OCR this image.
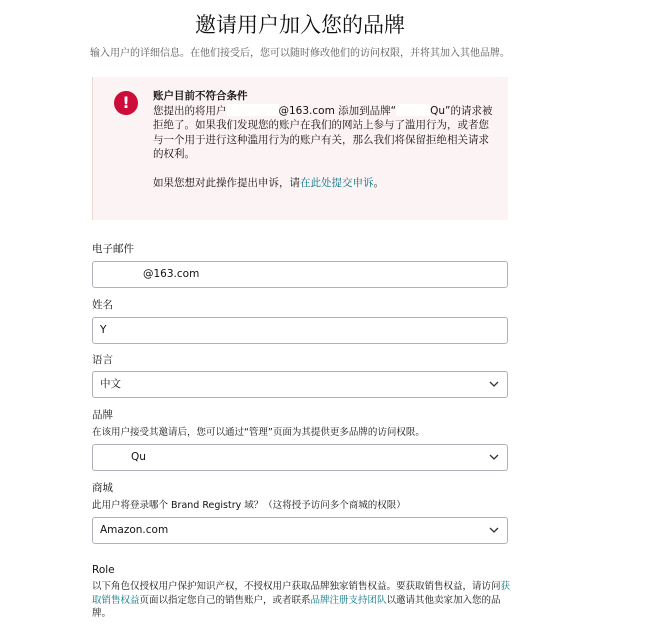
邀请用户加入您的品牌
输入用户的详细信息。在他们接受后，您可以随时修改他们的访问权限，并将其加入其他品牌。
!	账户目前不符合条件

您提出的将用户	@163.com 添加到品牌“	Qu”的请求被拒绝了。如果我们发现您的账户在我们的网站上参与了滥用行为，或者您与一个用于进行这种滥用行为的账户有关，那么我们将保留拒绝相关请求的权利。

如果您想对此操作提出申诉，请在此处提交申诉。
电子邮件
@163.com
姓名
Y
语言
中文
品牌
在该用户接受其邀请后，您可以通过“管理”页面为其提供更多品牌的访问权限。
Qu
商城
此用户将登录哪个 Brand Registry 域？（这将授予访问多个商城的权限）
Amazon.com
Role
以下角色仅授权用户保护知识产权，不授权用户获取品牌独家销售权益。要获取销售权益，请访问获取销售权益页面以指定您自己的销售账户，或者联系品牌注册支持团队以邀请其他卖家加入您的品牌。
